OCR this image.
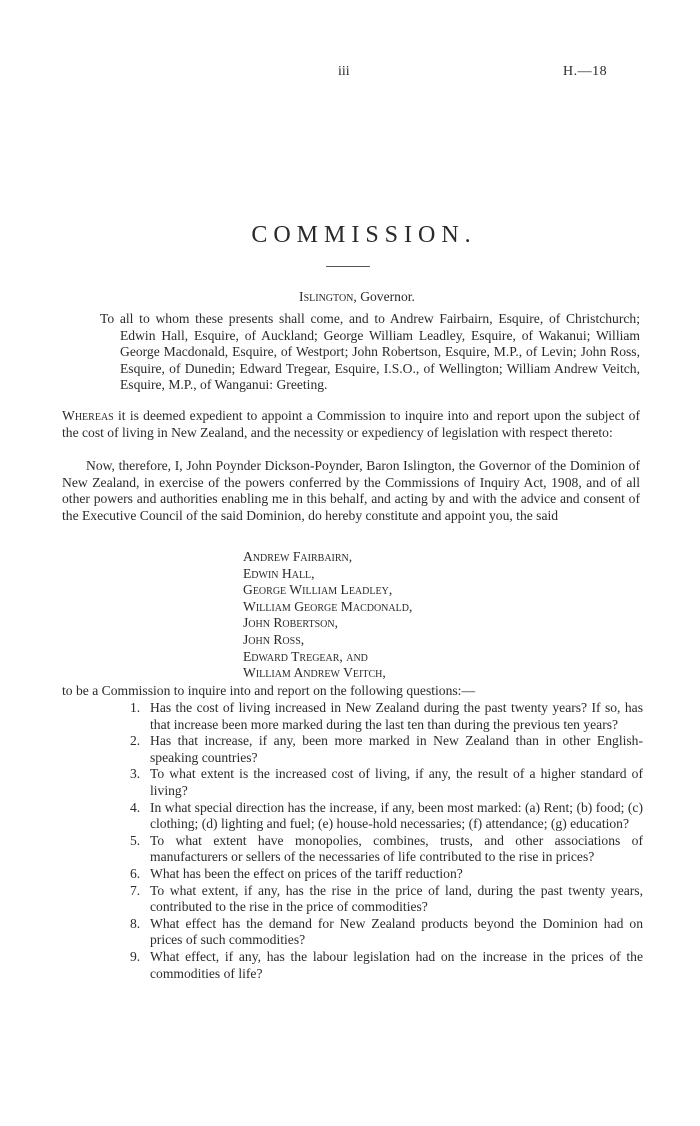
iii	H.—18
COMMISSION.
Islington, Governor.

To all to whom these presents shall come, and to Andrew Fairbairn, Esquire, of Christchurch; Edwin Hall, Esquire, of Auckland; George William Leadley, Esquire, of Wakanui; William George Macdonald, Esquire, of Westport; John Robertson, Esquire, M.P., of Levin; John Ross, Esquire, of Dunedin; Edward Tregear, Esquire, I.S.O., of Wellington; William Andrew Veitch, Esquire, M.P., of Wanganui: Greeting.

Whereas it is deemed expedient to appoint a Commission to inquire into and report upon the subject of the cost of living in New Zealand, and the necessity or expediency of legislation with respect thereto:

Now, therefore, I, John Poynder Dickson-Poynder, Baron Islington, the Governor of the Dominion of New Zealand, in exercise of the powers conferred by the Commissions of Inquiry Act, 1908, and of all other powers and authorities enabling me in this behalf, and acting by and with the advice and consent of the Executive Council of the said Dominion, do hereby constitute and appoint you, the said

Andrew Fairbairn,
Edwin Hall,
George William Leadley,
William George Macdonald,
John Robertson,
John Ross,
Edward Tregear, and
William Andrew Veitch,

to be a Commission to inquire into and report on the following questions:—

1. Has the cost of living increased in New Zealand during the past twenty years? If so, has that increase been more marked during the last ten than during the previous ten years?
2. Has that increase, if any, been more marked in New Zealand than in other English-speaking countries?
3. To what extent is the increased cost of living, if any, the result of a higher standard of living?
4. In what special direction has the increase, if any, been most marked: (a) Rent; (b) food; (c) clothing; (d) lighting and fuel; (e) house-hold necessaries; (f) attendance; (g) education?
5. To what extent have monopolies, combines, trusts, and other associations of manufacturers or sellers of the necessaries of life contributed to the rise in prices?
6. What has been the effect on prices of the tariff reduction?
7. To what extent, if any, has the rise in the price of land, during the past twenty years, contributed to the rise in the price of commodities?
8. What effect has the demand for New Zealand products beyond the Dominion had on prices of such commodities?
9. What effect, if any, has the labour legislation had on the increase in the prices of the commodities of life?
